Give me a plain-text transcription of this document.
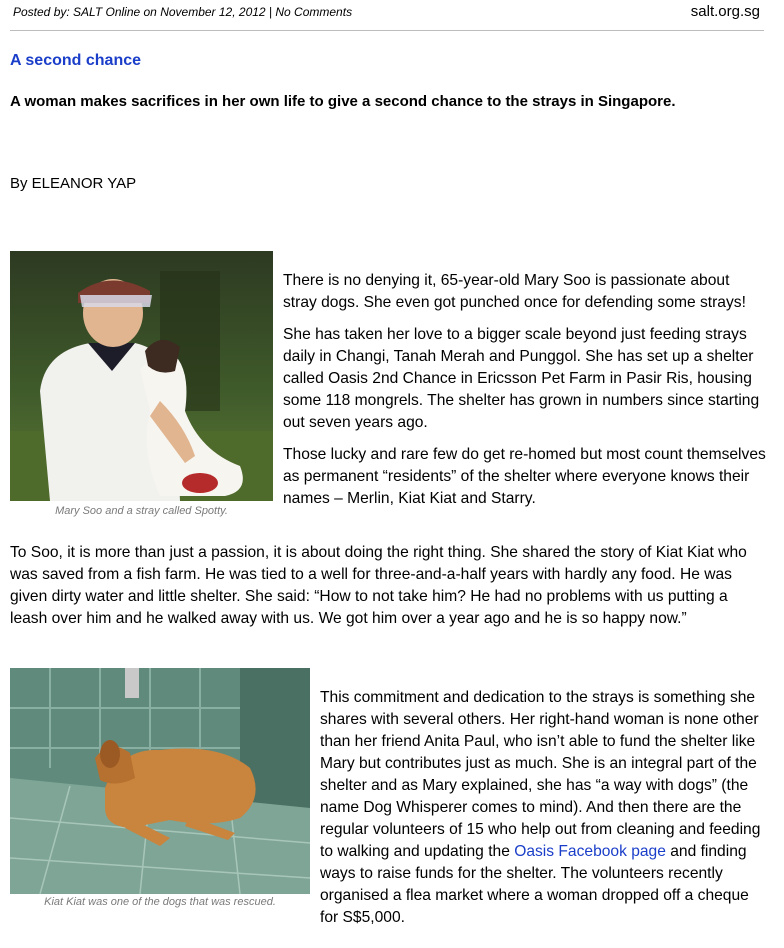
Posted by: SALT Online on November 12, 2012 | No Comments	salt.org.sg
A second chance
A woman makes sacrifices in her own life to give a second chance to the strays in Singapore.
By ELEANOR YAP
Mary Soo and a stray called Spotty.

There is no denying it, 65-year-old Mary Soo is passionate about stray dogs. She even got punched once for defending some strays!

She has taken her love to a bigger scale beyond just feeding strays daily in Changi, Tanah Merah and Punggol. She has set up a shelter called Oasis 2nd Chance in Ericsson Pet Farm in Pasir Ris, housing some 118 mongrels. The shelter has grown in numbers since starting out seven years ago.

Those lucky and rare few do get re-homed but most count themselves as permanent “residents” of the shelter where everyone knows their names – Merlin, Kiat Kiat and Starry.

To Soo, it is more than just a passion, it is about doing the right thing. She shared the story of Kiat Kiat who was saved from a fish farm. He was tied to a well for three-and-a-half years with hardly any food. He was given dirty water and little shelter. She said: “How to not take him? He had no problems with us putting a leash over him and he walked away with us. We got him over a year ago and he is so happy now.”

Kiat Kiat was one of the dogs that was rescued.

This commitment and dedication to the strays is something she shares with several others. Her right-hand woman is none other than her friend Anita Paul, who isn’t able to fund the shelter like Mary but contributes just as much. She is an integral part of the shelter and as Mary explained, she has “a way with dogs” (the name Dog Whisperer comes to mind). And then there are the regular volunteers of 15 who help out from cleaning and feeding to walking and updating the Oasis Facebook page and finding ways to raise funds for the shelter. The volunteers recently organised a flea market where a woman dropped off a cheque for S$5,000.
